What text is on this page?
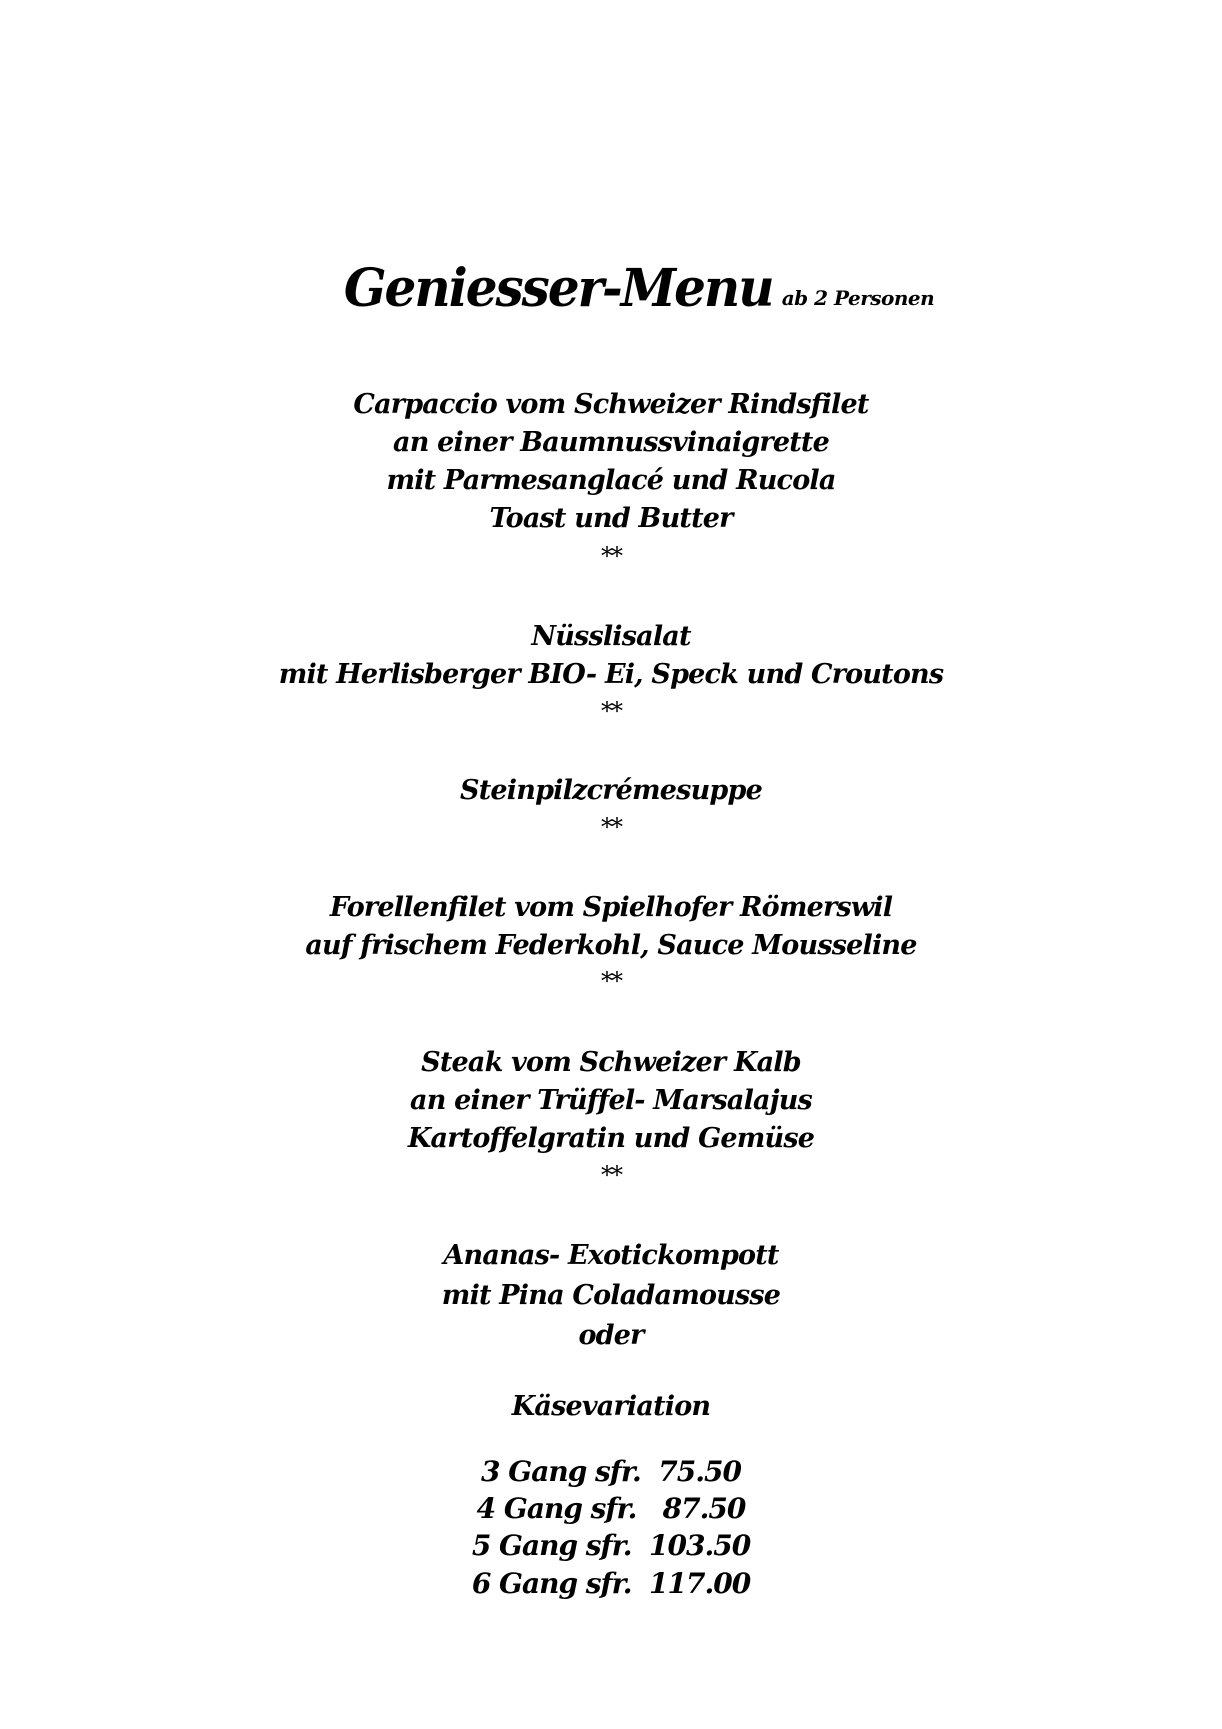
Geniesser-Menu ab 2 Personen
Carpaccio vom Schweizer Rindsfilet
an einer Baumnussvinaigrette
mit Parmesanglacé und Rucola
Toast und Butter
**
Nüsslisalat
mit Herlisberger BIO- Ei, Speck und Croutons
**
Steinpilzcrémesuppe
**
Forellenfilet vom Spielhofer Römerswil
auf frischem Federkohl, Sauce Mousseline
**
Steak vom Schweizer Kalb
an einer Trüffel- Marsalajus
Kartoffelgratin und Gemüse
**
Ananas- Exotickompott
mit Pina Coladamousse
oder
Käsevariation
3 Gang sfr.  75.50
4 Gang sfr.   87.50
5 Gang sfr.  103.50
6 Gang sfr.  117.00
